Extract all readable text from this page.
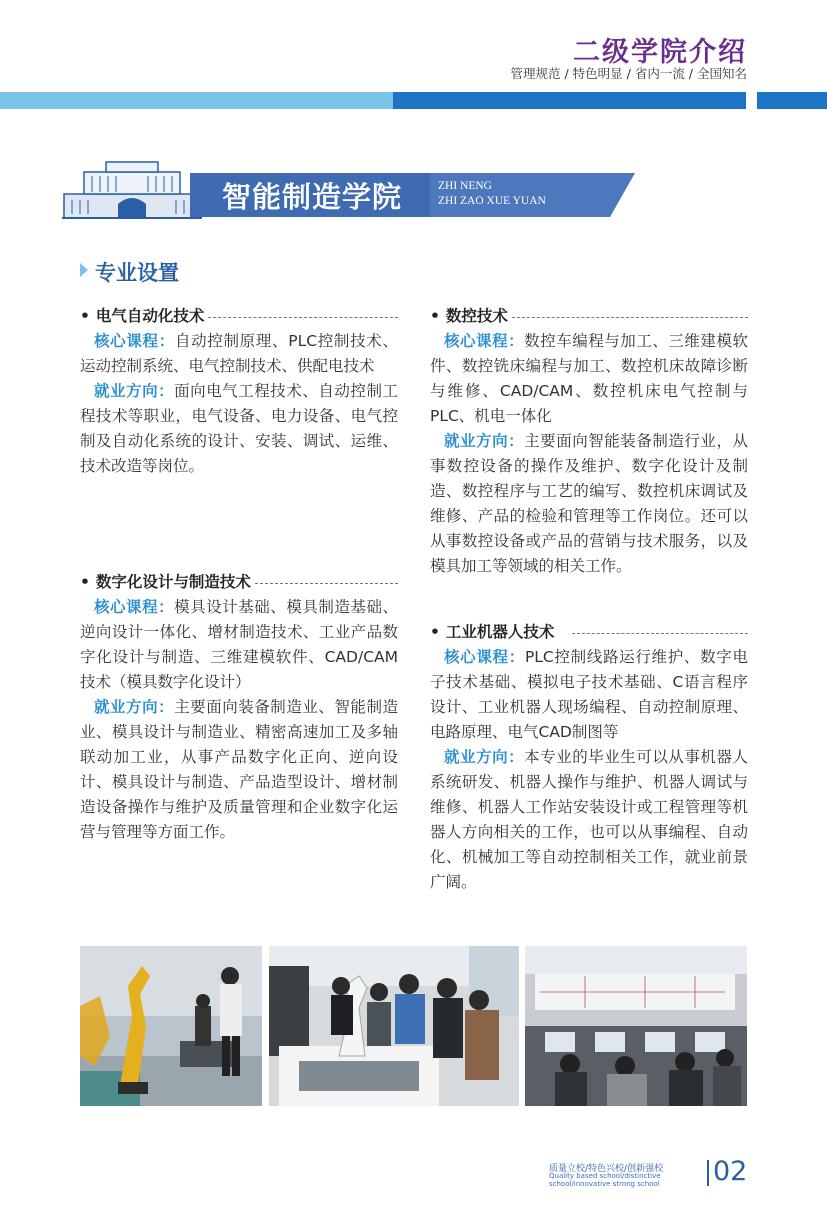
二级学院介绍
管理规范 / 特色明显 / 省内一流 / 全国知名
智能制造学院	ZHI NENG
ZHI ZAO XUE YUAN
专业设置
• 电气自动化技术

核心课程：自动控制原理、PLC控制技术、运动控制系统、电气控制技术、供配电技术

就业方向：面向电气工程技术、自动控制工程技术等职业，电气设备、电力设备、电气控制及自动化系统的设计、安装、调试、运维、技术改造等岗位。

• 数字化设计与制造技术

核心课程：模具设计基础、模具制造基础、逆向设计一体化、增材制造技术、工业产品数字化设计与制造、三维建模软件、CAD/CAM技术（模具数字化设计）

就业方向：主要面向装备制造业、智能制造业、模具设计与制造业、精密高速加工及多轴联动加工业，从事产品数字化正向、逆向设计、模具设计与制造、产品造型设计、增材制造设备操作与维护及质量管理和企业数字化运营与管理等方面工作。

• 数控技术

核心课程：数控车编程与加工、三维建模软件、数控铣床编程与加工、数控机床故障诊断与维修、CAD/CAM、数控机床电气控制与PLC、机电一体化

就业方向：主要面向智能装备制造行业，从事数控设备的操作及维护、数字化设计及制造、数控程序与工艺的编写、数控机床调试及维修、产品的检验和管理等工作岗位。还可以从事数控设备或产品的营销与技术服务，以及模具加工等领域的相关工作。

• 工业机器人技术

核心课程：PLC控制线路运行维护、数字电子技术基础、模拟电子技术基础、C语言程序设计、工业机器人现场编程、自动控制原理、电路原理、电气CAD制图等

就业方向：本专业的毕业生可以从事机器人系统研发、机器人操作与维护、机器人调试与维修、机器人工作站安装设计或工程管理等机器人方向相关的工作，也可以从事编程、自动化、机械加工等自动控制相关工作，就业前景广阔。

质量立校/特色兴校/创新强校
Quality based school/distinctive school/innovative strong school	02
